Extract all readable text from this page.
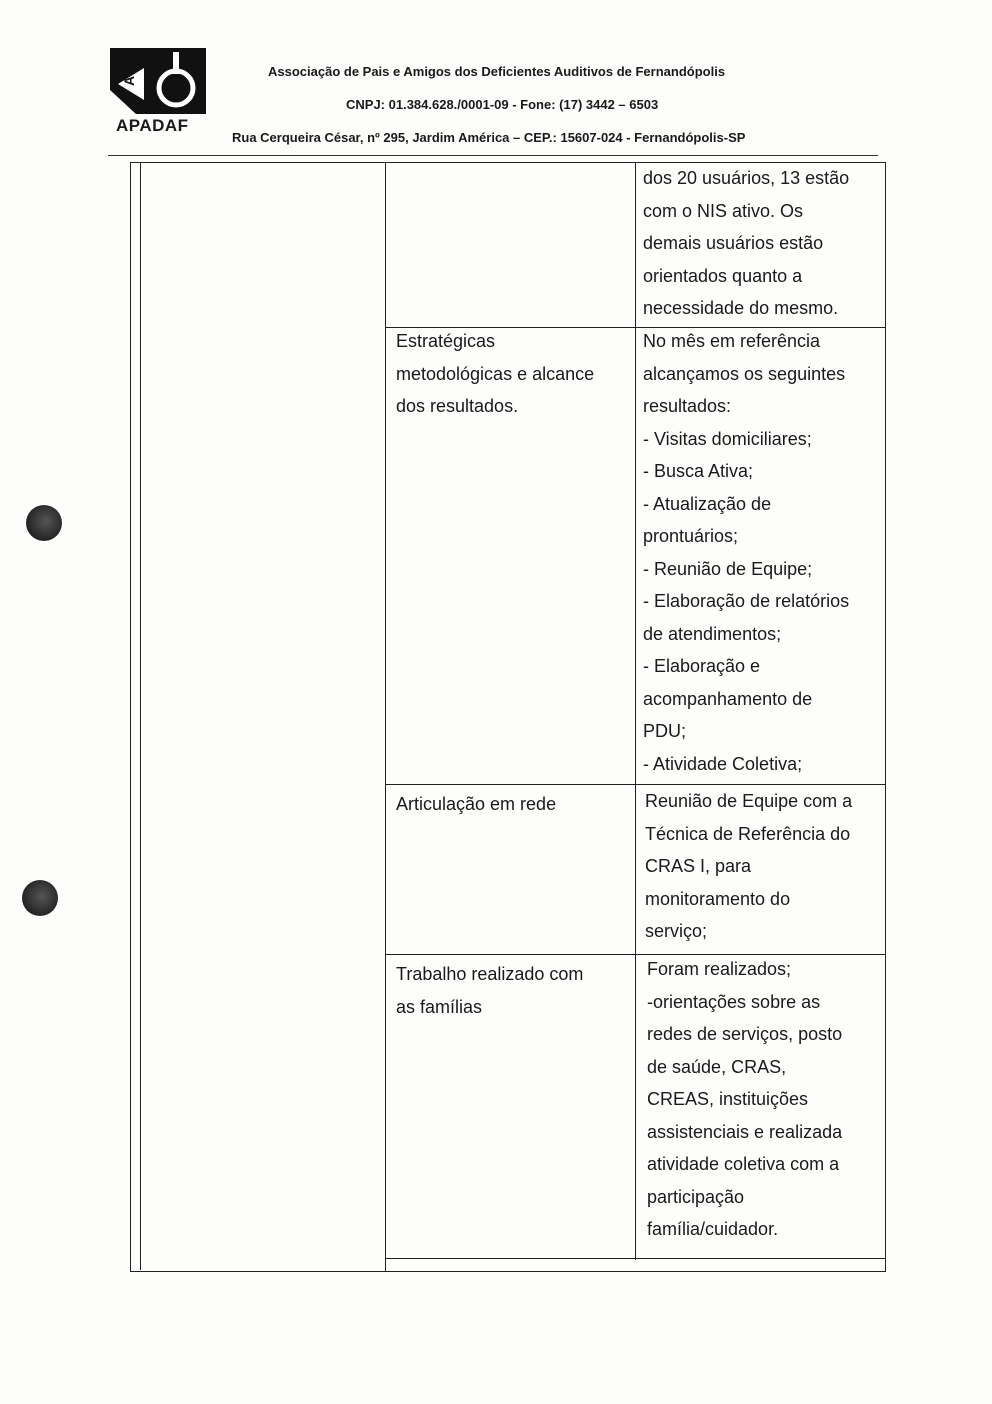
A
APADAF
Associação de Pais e Amigos dos Deficientes Auditivos de Fernandópolis
CNPJ: 01.384.628./0001-09 - Fone: (17) 3442 – 6503
Rua Cerqueira César, nº 295, Jardim América – CEP.: 15607-024 - Fernandópolis-SP

dos 20 usuários, 13 estão

com o NIS ativo. Os

demais usuários estão

orientados quanto a

necessidade do mesmo.

Estratégicas

metodológicas e alcance

dos resultados.

No mês em referência

alcançamos os seguintes

resultados:

- Visitas domiciliares;

- Busca Ativa;

- Atualização de

prontuários;

- Reunião de Equipe;

- Elaboração de relatórios

de atendimentos;

- Elaboração e

acompanhamento de

PDU;

- Atividade Coletiva;

Articulação em rede	Reunião de Equipe com a

Técnica de Referência do

CRAS I, para

monitoramento do

serviço;

Trabalho realizado com

as famílias

Foram realizados;

-orientações sobre as

redes de serviços, posto

de saúde, CRAS,

CREAS, instituições

assistenciais e realizada

atividade coletiva com a

participação

família/cuidador.
